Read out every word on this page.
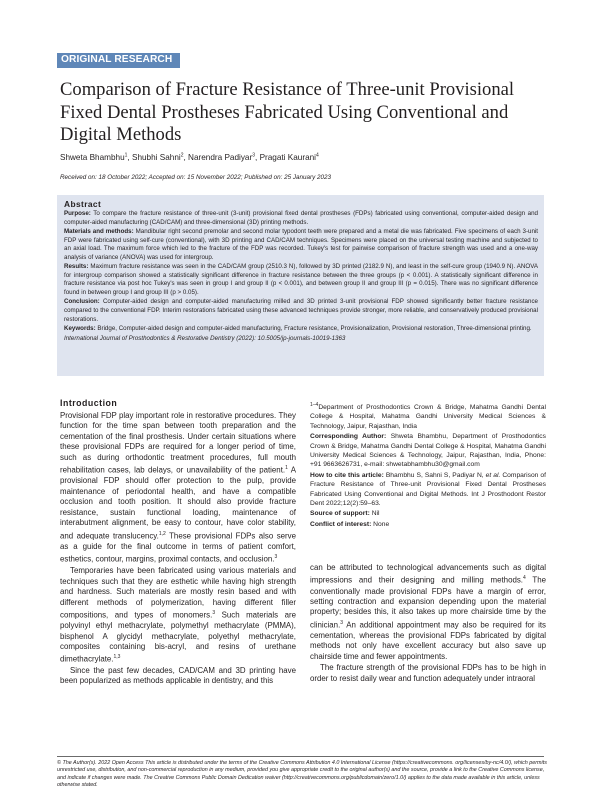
ORIGINAL RESEARCH
Comparison of Fracture Resistance of Three-unit Provisional Fixed Dental Prostheses Fabricated Using Conventional and Digital Methods
Shweta Bhambhu$^1$, Shubhi Sahni$^2$, Narendra Padiyar$^3$, Pragati Kaurani$^4$
Received on: 18 October 2022; Accepted on: 15 November 2022; Published on: 25 January 2023
Abstract

Purpose: To compare the fracture resistance of three-unit (3-unit) provisional fixed dental prostheses (FDPs) fabricated using conventional, computer-aided design and computer-aided manufacturing (CAD/CAM) and three-dimensional (3D) printing methods.

Materials and methods: Mandibular right second premolar and second molar typodont teeth were prepared and a metal die was fabricated. Five specimens of each 3-unit FDP were fabricated using self-cure (conventional), with 3D printing and CAD/CAM techniques. Specimens were placed on the universal testing machine and subjected to an axial load. The maximum force which led to the fracture of the FDP was recorded. Tukey's test for pairwise comparison of fracture strength was used and a one-way analysis of variance (ANOVA) was used for intergroup.

Results: Maximum fracture resistance was seen in the CAD/CAM group (2510.3 N), followed by 3D printed (2182.9 N), and least in the self-cure group (1940.9 N). ANOVA for intergroup comparison showed a statistically significant difference in fracture resistance between the three groups (p < 0.001). A statistically significant difference in fracture resistance via post hoc Tukey's was seen in group I and group II (p < 0.001), and between group II and group III (p = 0.015). There was no significant difference found in between group I and group III (p > 0.05).

Conclusion: Computer-aided design and computer-aided manufacturing milled and 3D printed 3-unit provisional FDP showed significantly better fracture resistance compared to the conventional FDP. Interim restorations fabricated using these advanced techniques provide stronger, more reliable, and conservatively produced provisional restorations.

Keywords: Bridge, Computer-aided design and computer-aided manufacturing, Fracture resistance, Provisionalization, Provisional restoration, Three-dimensional printing.

International Journal of Prosthodontics & Restorative Dentistry (2022): 10.5005/jp-journals-10019-1363

Introduction

Provisional FDP play important role in restorative procedures. They function for the time span between tooth preparation and the cementation of the final prosthesis. Under certain situations where these provisional FDPs are required for a longer period of time, such as during orthodontic treatment procedures, full mouth rehabilitation cases, lab delays, or unavailability of the patient.$^1$ A provisional FDP should offer protection to the pulp, provide maintenance of periodontal health, and have a compatible occlusion and tooth position. It should also provide fracture resistance, sustain functional loading, maintenance of interabutment alignment, be easy to contour, have color stability, and adequate translucency.$^{1,2}$ These provisional FDPs also serve as a guide for the final outcome in terms of patient comfort, esthetics, contour, margins, proximal contacts, and occlusion.$^3$

Temporaries have been fabricated using various materials and techniques such that they are esthetic while having high strength and hardness. Such materials are mostly resin based and with different methods of polymerization, having different filler compositions, and types of monomers.$^3$ Such materials are polyvinyl ethyl methacrylate, polymethyl methacrylate (PMMA), bisphenol A glycidyl methacrylate, polyethyl methacrylate, composites containing bis-acryl, and resins of urethane dimethacrylate.$^{1,3}$

Since the past few decades, CAD/CAM and 3D printing have been popularized as methods applicable in dentistry, and this

$^{1-4}$Department of Prosthodontics Crown & Bridge, Mahatma Gandhi Dental College & Hospital, Mahatma Gandhi University Medical Sciences & Technology, Jaipur, Rajasthan, India

Corresponding Author: Shweta Bhambhu, Department of Prosthodontics Crown & Bridge, Mahatma Gandhi Dental College & Hospital, Mahatma Gandhi University Medical Sciences & Technology, Jaipur, Rajasthan, India, Phone: +91 9663626731, e-mail: shwetabhambhu30@gmail.com

How to cite this article: Bhambhu S, Sahni S, Padiyar N, et al. Comparison of Fracture Resistance of Three-unit Provisional Fixed Dental Prostheses Fabricated Using Conventional and Digital Methods. Int J Prosthodont Restor Dent 2022;12(2):59–63.

Source of support: Nil

Conflict of interest: None

can be attributed to technological advancements such as digital impressions and their designing and milling methods.$^4$ The conventionally made provisional FDPs have a margin of error, setting contraction and expansion depending upon the material property; besides this, it also takes up more chairside time by the clinician.$^3$ An additional appointment may also be required for its cementation, whereas the provisional FDPs fabricated by digital methods not only have excellent accuracy but also save up chairside time and fewer appointments.

The fracture strength of the provisional FDPs has to be high in order to resist daily wear and function adequately under intraoral

© The Author(s). 2022 Open Access This article is distributed under the terms of the Creative Commons Attribution 4.0 International License (https://creativecommons. org/licenses/by-nc/4.0/), which permits unrestricted use, distribution, and non-commercial reproduction in any medium, provided you give appropriate credit to the original author(s) and the source, provide a link to the Creative Commons license, and indicate if changes were made. The Creative Commons Public Domain Dedication waiver (http://creativecommons.org/publicdomain/zero/1.0/) applies to the data made available in this article, unless otherwise stated.
